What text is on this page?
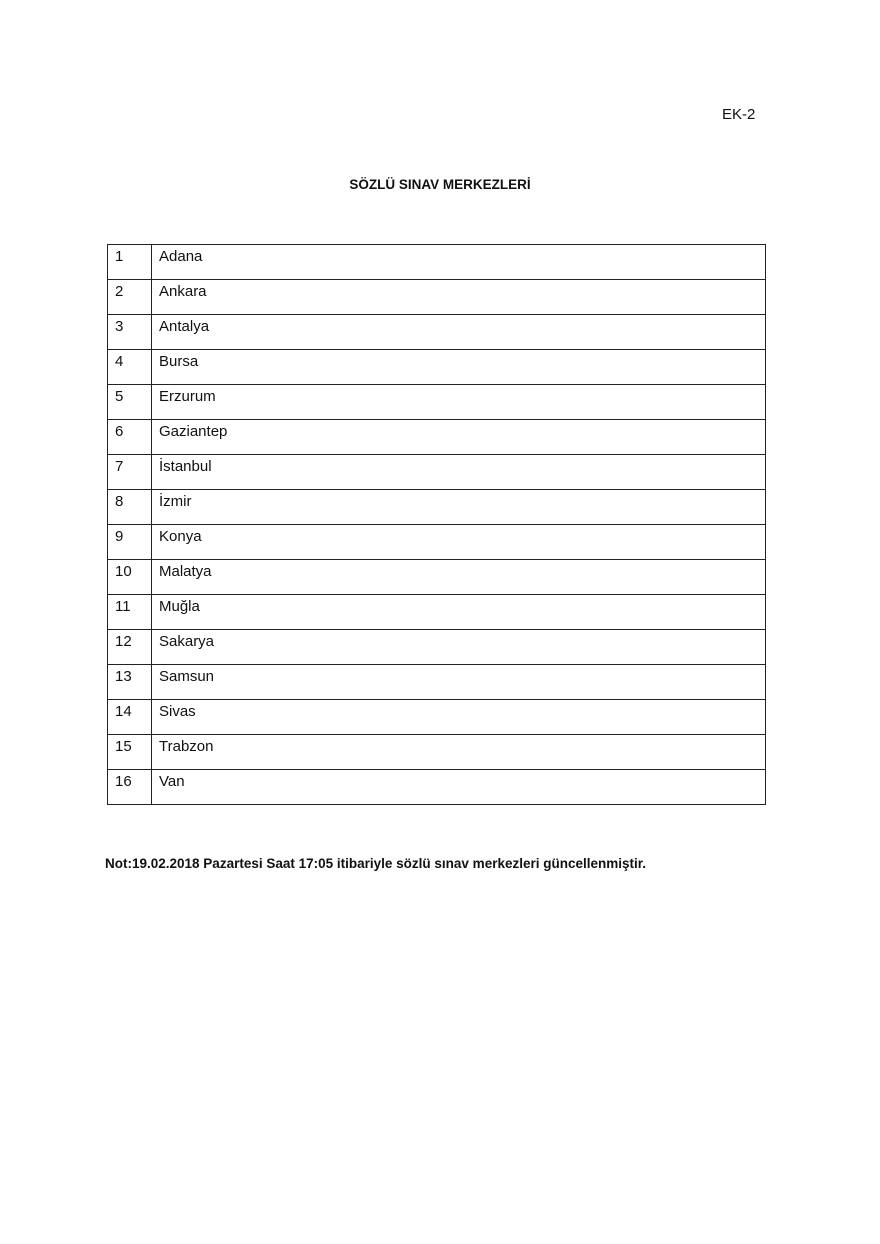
EK-2
SÖZLÜ SINAV MERKEZLERİ
1	Adana
2	Ankara
3	Antalya
4	Bursa
5	Erzurum
6	Gaziantep
7	İstanbul
8	İzmir
9	Konya
10	Malatya
11	Muğla
12	Sakarya
13	Samsun
14	Sivas
15	Trabzon
16	Van
Not:19.02.2018 Pazartesi Saat 17:05 itibariyle sözlü sınav merkezleri güncellenmiştir.
